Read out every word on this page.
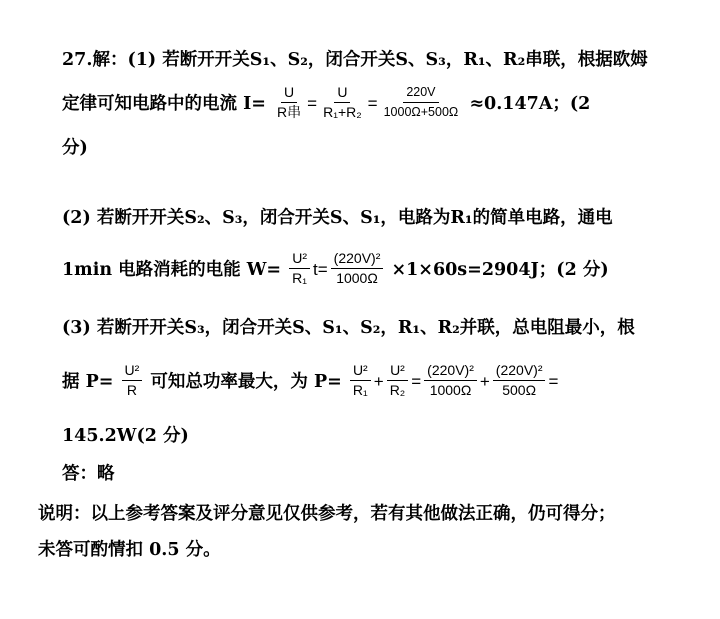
27.解：(1) 若断开开关S₁、S₂，闭合开关S、S₃，R₁、R₂串联，根据欧姆
定律可知电路中的电流 $I= \frac{U}{\text{R串}} = \frac{U}{\text{R₁+R₂}} = \frac{220V}{1000\Omega+500\Omega} \approx 0.147A$；(2
分)
(2) 若断开开关S₂、S₃，闭合开关S、S₁，电路为R₁的简单电路，通电
1min 电路消耗的电能 $W= \frac{\text{U²}}{\text{R₁}} t= \frac{\text{(220V)²}}{1000\Omega} \times 1\times 60s=2904J$；(2 分)
(3) 若断开开关S₃，闭合开关S、S₁、S₂，R₁、R₂并联，总电阻最小，根
据 $P= \frac{\text{U²}}{R}$ 可知总功率最大，为 $P= \frac{\text{U²}}{\text{R₁}} + \frac{\text{U²}}{\text{R₂}} = \frac{\text{(220V)²}}{1000\Omega} + \frac{\text{(220V)²}}{500\Omega}$ =
145.2W(2 分)
答：略
说明：以上参考答案及评分意见仅供参考，若有其他做法正确，仍可得分；
未答可酌情扣 0.5 分。
